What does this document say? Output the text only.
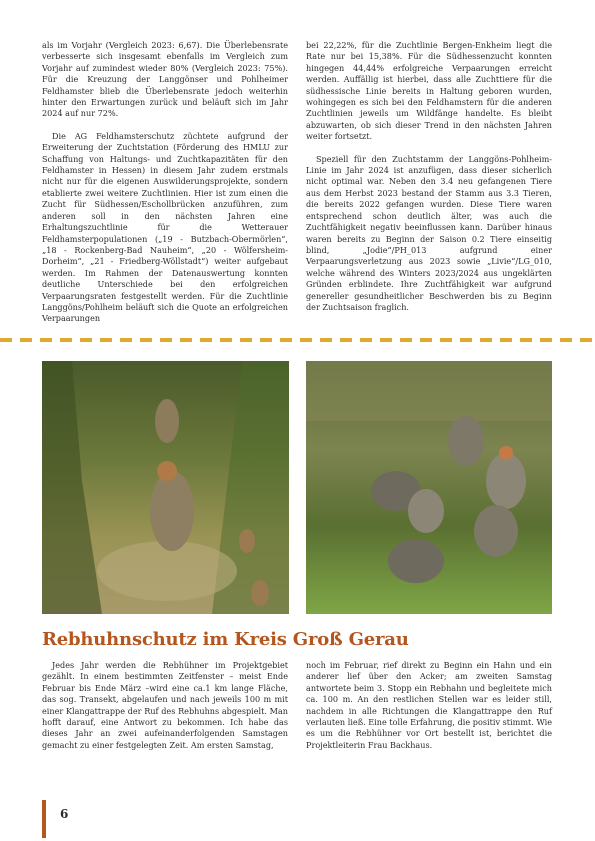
als im Vorjahr (Vergleich 2023: 6,67). Die Überlebensrate verbesserte sich insgesamt ebenfalls im Vergleich zum Vorjahr auf zumindest wieder 80% (Vergleich 2023: 75%). Für die Kreuzung der Langgönser und Pohlheimer Feldhamster blieb die Überlebensrate jedoch weiterhin hinter den Erwartungen zurück und beläuft sich im Jahr 2024 auf nur 72%.

Die AG Feldhamsterschutz züchtete aufgrund der Erweiterung der Zuchtstation (Förderung des HMLU zur Schaffung von Haltungs- und Zuchtkapazitäten für den Feldhamster in Hessen) in diesem Jahr zudem erstmals nicht nur für die eigenen Auswilderungsprojekte, sondern etablierte zwei weitere Zuchtlinien. Hier ist zum einen die Zucht für Südhessen/Eschollbrücken anzuführen, zum anderen soll in den nächsten Jahren eine Erhaltungszuchtlinie für die Wetterauer Feldhamsterpopulationen („19 - Butzbach-Obermörlen“, „18 - Rockenberg-Bad Nauheim“, „20 - Wölfersheim-Dorheim“, „21 - Friedberg-Wöllstadt“) weiter aufgebaut werden. Im Rahmen der Datenauswertung konnten deutliche Unterschiede bei den erfolgreichen Verpaarungsraten festgestellt werden. Für die Zuchtlinie Langgöns/Pohlheim beläuft sich die Quote an erfolgreichen Verpaarungen

bei 22,22%, für die Zuchtlinie Bergen-Enkheim liegt die Rate nur bei 15,38%. Für die Südhessenzucht konnten hingegen 44,44% erfolgreiche Verpaarungen erreicht werden. Auffällig ist hierbei, dass alle Zuchttiere für die südhessische Linie bereits in Haltung geboren wurden, wohingegen es sich bei den Feldhamstern für die anderen Zuchtlinien jeweils um Wildfänge handelte. Es bleibt abzuwarten, ob sich dieser Trend in den nächsten Jahren weiter fortsetzt.

Speziell für den Zuchtstamm der Langgöns-Pohlheim-Linie im Jahr 2024 ist anzufügen, dass dieser sicherlich nicht optimal war. Neben den 3.4 neu gefangenen Tiere aus dem Herbst 2023 bestand der Stamm aus 3.3 Tieren, die bereits 2022 gefangen wurden. Diese Tiere waren entsprechend schon deutlich älter, was auch die Zuchtfähigkeit negativ beeinflussen kann. Darüber hinaus waren bereits zu Beginn der Saison 0.2 Tiere einseitig blind, „Jodie“/PH_013 aufgrund einer Verpaarungsverletzung aus 2023 sowie „Livie“/LG_010, welche während des Winters 2023/2024 aus ungeklärten Gründen erblindete. Ihre Zuchtfähigkeit war aufgrund genereller gesundheitlicher Beschwerden bis zu Beginn der Zuchtsaison fraglich.

Rebhuhnschutz im Kreis Groß Gerau

Jedes Jahr werden die Rebhühner im Projektgebiet gezählt. In einem bestimmten Zeitfenster – meist Ende Februar bis Ende März –wird eine ca.1 km lange Fläche, das sog. Transekt, abgelaufen und nach jeweils 100 m mit einer Klangattrappe der Ruf des Rebhuhns abgespielt. Man hofft darauf, eine Antwort zu bekommen. Ich habe das dieses Jahr an zwei aufeinanderfolgenden Samstagen gemacht zu einer festgelegten Zeit. Am ersten Samstag,

noch im Februar, rief direkt zu Beginn ein Hahn und ein anderer lief über den Acker; am zweiten Samstag antwortete beim 3. Stopp ein Rebhahn und begleitete mich ca. 100 m. An den restlichen Stellen war es leider still, nachdem in alle Richtungen die Klangattrappe den Ruf verlauten ließ. Eine tolle Erfahrung, die positiv stimmt. Wie es um die Rebhühner vor Ort bestellt ist, berichtet die Projektleiterin Frau Backhaus.

6
